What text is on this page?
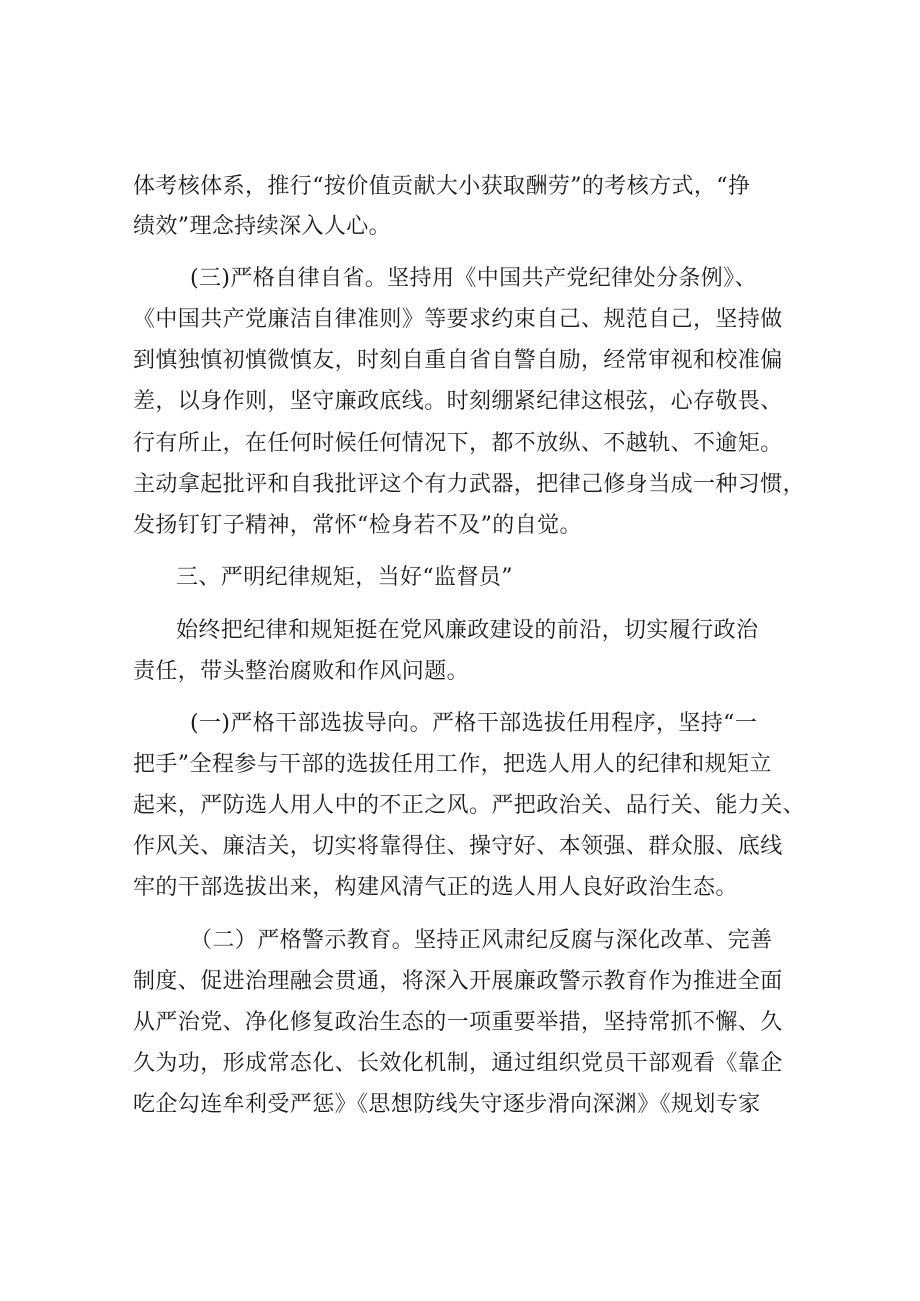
体考核体系，推行“按价值贡献大小获取酬劳”的考核方式，“挣
绩效”理念持续深入人心。
(三)严格自律自省。坚持用《中国共产党纪律处分条例》、
《中国共产党廉洁自律准则》等要求约束自己、规范自己，坚持做
到慎独慎初慎微慎友，时刻自重自省自警自励，经常审视和校准偏
差，以身作则，坚守廉政底线。时刻绷紧纪律这根弦，心存敬畏、
行有所止，在任何时候任何情况下，都不放纵、不越轨、不逾矩。
主动拿起批评和自我批评这个有力武器，把律己修身当成一种习惯，
发扬钉钉子精神，常怀“检身若不及”的自觉。
三、严明纪律规矩，当好“监督员”
始终把纪律和规矩挺在党风廉政建设的前沿，切实履行政治
责任，带头整治腐败和作风问题。
(一)严格干部选拔导向。严格干部选拔任用程序，坚持“一
把手”全程参与干部的选拔任用工作，把选人用人的纪律和规矩立
起来，严防选人用人中的不正之风。严把政治关、品行关、能力关、
作风关、廉洁关，切实将靠得住、操守好、本领强、群众服、底线
牢的干部选拔出来，构建风清气正的选人用人良好政治生态。
（二）严格警示教育。坚持正风肃纪反腐与深化改革、完善
制度、促进治理融会贯通，将深入开展廉政警示教育作为推进全面
从严治党、净化修复政治生态的一项重要举措，坚持常抓不懈、久
久为功，形成常态化、长效化机制，通过组织党员干部观看《靠企
吃企勾连牟利受严惩》《思想防线失守逐步滑向深渊》《规划专家
